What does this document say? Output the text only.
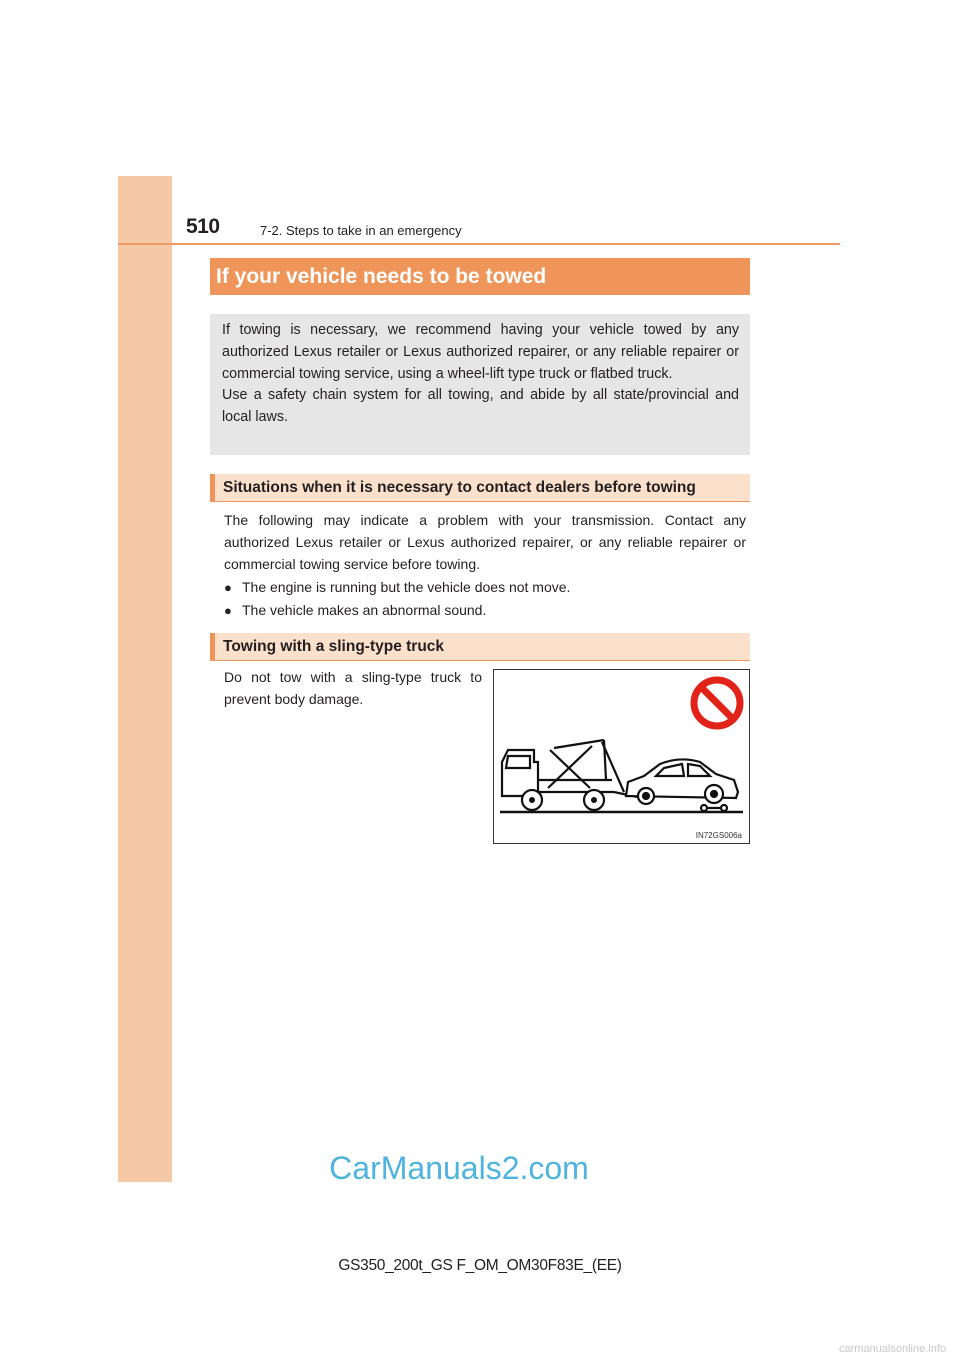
510	7-2. Steps to take in an emergency
If your vehicle needs to be towed

If towing is necessary, we recommend having your vehicle towed by any authorized Lexus retailer or Lexus authorized repairer, or any reliable repairer or commercial towing service, using a wheel-lift type truck or flatbed truck.

Use a safety chain system for all towing, and abide by all state/provincial and local laws.

Situations when it is necessary to contact dealers before towing

The following may indicate a problem with your transmission. Contact any authorized Lexus retailer or Lexus authorized repairer, or any reliable repairer or commercial towing service before towing.

● The engine is running but the vehicle does not move.
● The vehicle makes an abnormal sound.
Towing with a sling-type truck

Do not tow with a sling-type truck to prevent body damage.

IN72GS006a
CarManuals2.com
GS350_200t_GS F_OM_OM30F83E_(EE)
carmanualsonline.info
